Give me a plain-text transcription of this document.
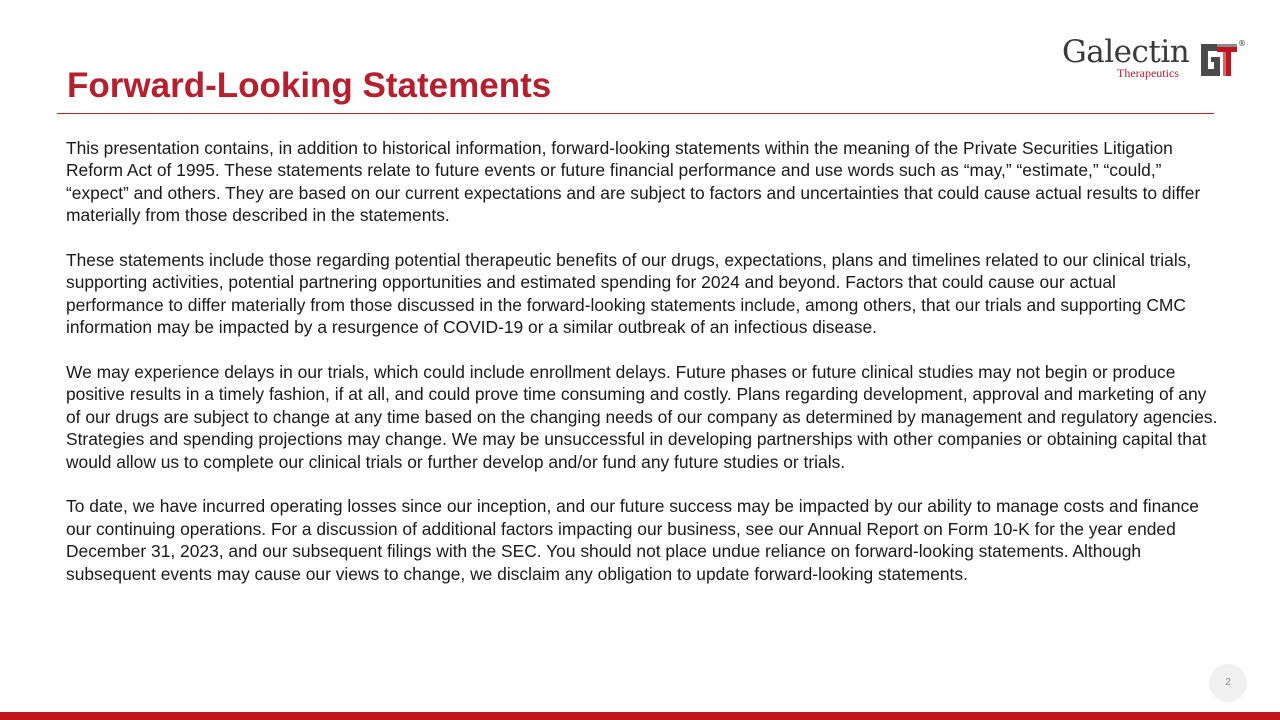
Forward-Looking Statements
Galectin
Therapeutics
®

This presentation contains, in addition to historical information, forward-looking statements within the meaning of the Private Securities Litigation Reform Act of 1995. These statements relate to future events or future financial performance and use words such as “may,” “estimate,” “could,” “expect” and others. They are based on our current expectations and are subject to factors and uncertainties that could cause actual results to differ materially from those described in the statements.

These statements include those regarding potential therapeutic benefits of our drugs, expectations, plans and timelines related to our clinical trials, supporting activities, potential partnering opportunities and estimated spending for 2024 and beyond. Factors that could cause our actual performance to differ materially from those discussed in the forward-looking statements include, among others, that our trials and supporting CMC information may be impacted by a resurgence of COVID-19 or a similar outbreak of an infectious disease.

We may experience delays in our trials, which could include enrollment delays. Future phases or future clinical studies may not begin or produce positive results in a timely fashion, if at all, and could prove time consuming and costly. Plans regarding development, approval and marketing of any of our drugs are subject to change at any time based on the changing needs of our company as determined by management and regulatory agencies. Strategies and spending projections may change. We may be unsuccessful in developing partnerships with other companies or obtaining capital that would allow us to complete our clinical trials or further develop and/or fund any future studies or trials.

To date, we have incurred operating losses since our inception, and our future success may be impacted by our ability to manage costs and finance our continuing operations. For a discussion of additional factors impacting our business, see our Annual Report on Form 10-K for the year ended December 31, 2023, and our subsequent filings with the SEC. You should not place undue reliance on forward-looking statements. Although subsequent events may cause our views to change, we disclaim any obligation to update forward-looking statements.

2
